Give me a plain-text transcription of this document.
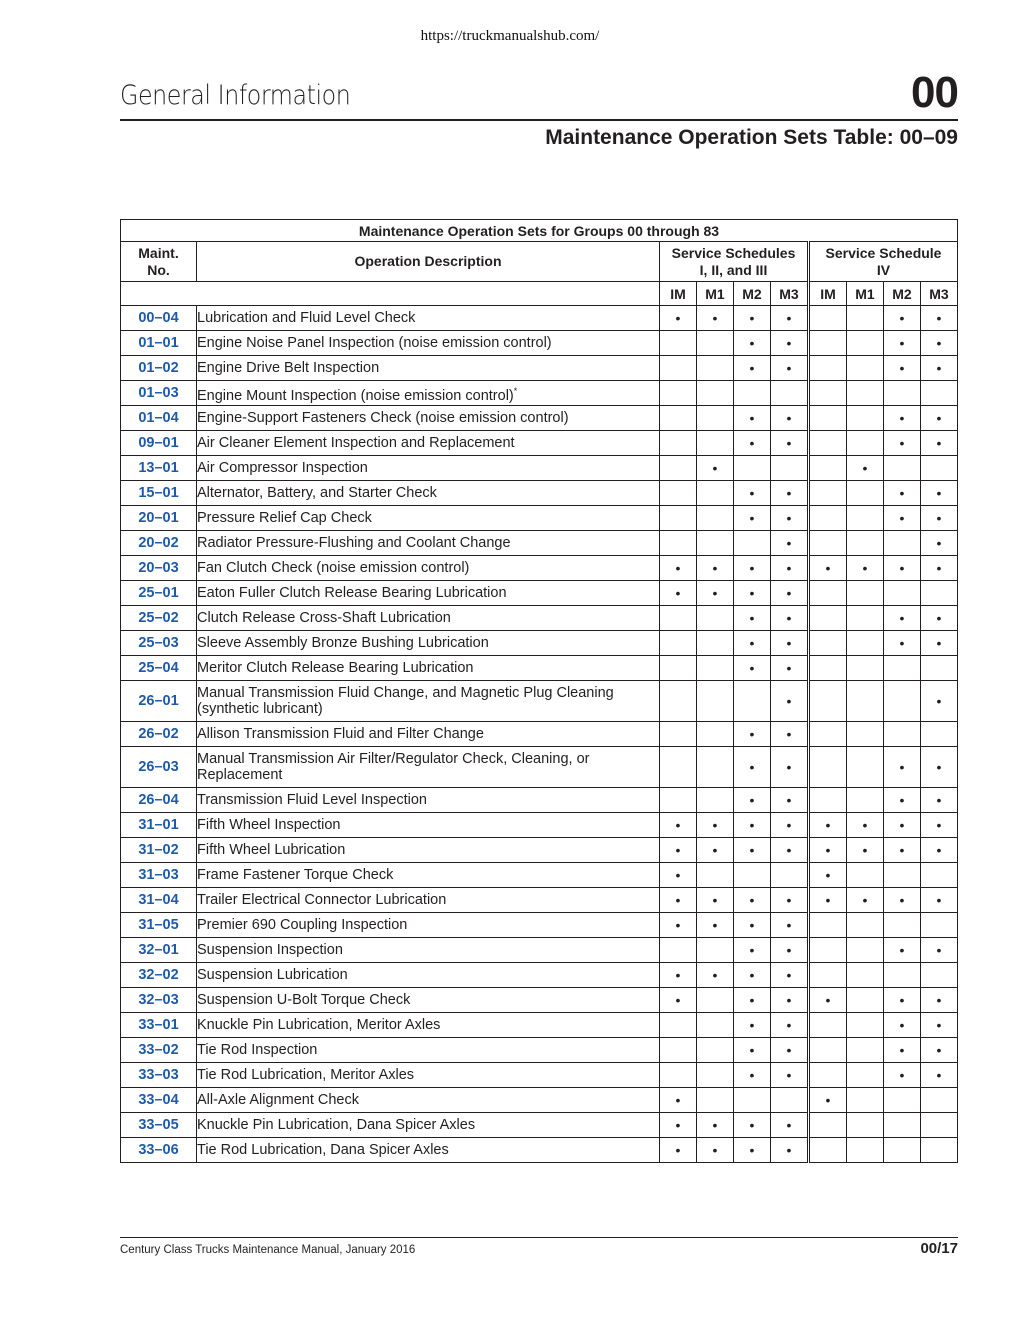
https://truckmanualshub.com/
General Information	00
Maintenance Operation Sets Table: 00–09
Maintenance Operation Sets for Groups 00 through 83									
Maint.
No.	Operation Description	Service Schedules
I, II, and III				Service Schedule
IV			
		IM	M1	M2	M3	IM	M1	M2	M3
00–04	Lubrication and Fluid Level Check	•	•	•	•			•	•
01–01	Engine Noise Panel Inspection (noise emission control)			•	•			•	•
01–02	Engine Drive Belt Inspection			•	•			•	•
01–03	Engine Mount Inspection (noise emission control)*								
01–04	Engine-Support Fasteners Check (noise emission control)			•	•			•	•
09–01	Air Cleaner Element Inspection and Replacement			•	•			•	•
13–01	Air Compressor Inspection		•				•		
15–01	Alternator, Battery, and Starter Check			•	•			•	•
20–01	Pressure Relief Cap Check			•	•			•	•
20–02	Radiator Pressure-Flushing and Coolant Change				•				•
20–03	Fan Clutch Check (noise emission control)	•	•	•	•	•	•	•	•
25–01	Eaton Fuller Clutch Release Bearing Lubrication	•	•	•	•				
25–02	Clutch Release Cross-Shaft Lubrication			•	•			•	•
25–03	Sleeve Assembly Bronze Bushing Lubrication			•	•			•	•
25–04	Meritor Clutch Release Bearing Lubrication			•	•				
26–01	Manual Transmission Fluid Change, and Magnetic Plug Cleaning (synthetic lubricant)				•				•
26–02	Allison Transmission Fluid and Filter Change			•	•				
26–03	Manual Transmission Air Filter/Regulator Check, Cleaning, or Replacement			•	•			•	•
26–04	Transmission Fluid Level Inspection			•	•			•	•
31–01	Fifth Wheel Inspection	•	•	•	•	•	•	•	•
31–02	Fifth Wheel Lubrication	•	•	•	•	•	•	•	•
31–03	Frame Fastener Torque Check	•				•			
31–04	Trailer Electrical Connector Lubrication	•	•	•	•	•	•	•	•
31–05	Premier 690 Coupling Inspection	•	•	•	•				
32–01	Suspension Inspection			•	•			•	•
32–02	Suspension Lubrication	•	•	•	•				
32–03	Suspension U-Bolt Torque Check	•		•	•	•		•	•
33–01	Knuckle Pin Lubrication, Meritor Axles			•	•			•	•
33–02	Tie Rod Inspection			•	•			•	•
33–03	Tie Rod Lubrication, Meritor Axles			•	•			•	•
33–04	All-Axle Alignment Check	•				•			
33–05	Knuckle Pin Lubrication, Dana Spicer Axles	•	•	•	•				
33–06	Tie Rod Lubrication, Dana Spicer Axles	•	•	•	•				
Century Class Trucks Maintenance Manual, January 2016	00/17
